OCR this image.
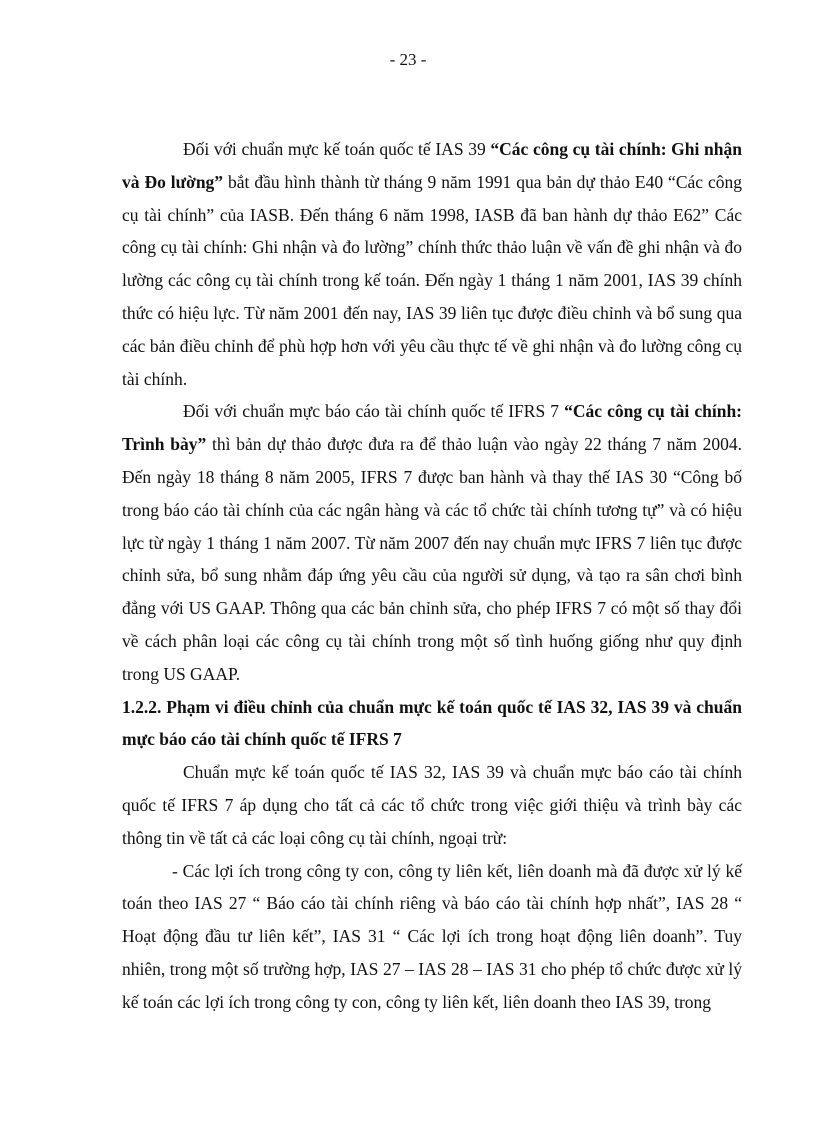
- 23 -

Đối với chuẩn mực kế toán quốc tế IAS 39 “Các công cụ tài chính: Ghi nhận và Đo lường” bắt đầu hình thành từ tháng 9 năm 1991 qua bản dự thảo E40 “Các công cụ tài chính” của IASB. Đến tháng 6 năm 1998, IASB đã ban hành dự thảo E62” Các công cụ tài chính: Ghi nhận và đo lường” chính thức thảo luận về vấn đề ghi nhận và đo lường các công cụ tài chính trong kế toán. Đến ngày 1 tháng 1 năm 2001, IAS 39 chính thức có hiệu lực. Từ năm 2001 đến nay, IAS 39 liên tục được điều chỉnh và bổ sung qua các bản điều chỉnh để phù hợp hơn với yêu cầu thực tế về ghi nhận và đo lường công cụ tài chính.

Đối với chuẩn mực báo cáo tài chính quốc tế IFRS 7 “Các công cụ tài chính: Trình bày” thì bản dự thảo được đưa ra để thảo luận vào ngày 22 tháng 7 năm 2004. Đến ngày 18 tháng 8 năm 2005, IFRS 7 được ban hành và thay thế IAS 30 “Công bố trong báo cáo tài chính của các ngân hàng và các tổ chức tài chính tương tự” và có hiệu lực từ ngày 1 tháng 1 năm 2007. Từ năm 2007 đến nay chuẩn mực IFRS 7 liên tục được chỉnh sửa, bổ sung nhằm đáp ứng yêu cầu của người sử dụng, và tạo ra sân chơi bình đẳng với US GAAP. Thông qua các bản chỉnh sửa, cho phép IFRS 7 có một số thay đổi về cách phân loại các công cụ tài chính trong một số tình huống giống như quy định trong US GAAP.

1.2.2. Phạm vi điều chỉnh của chuẩn mực kế toán quốc tế IAS 32, IAS 39 và chuẩn mực báo cáo tài chính quốc tế IFRS 7

Chuẩn mực kế toán quốc tế IAS 32, IAS 39 và chuẩn mực báo cáo tài chính quốc tế IFRS 7 áp dụng cho tất cả các tổ chức trong việc giới thiệu và trình bày các thông tin về tất cả các loại công cụ tài chính, ngoại trừ:

- Các lợi ích trong công ty con, công ty liên kết, liên doanh mà đã được xử lý kế toán theo IAS 27 “ Báo cáo tài chính riêng và báo cáo tài chính hợp nhất”, IAS 28 “ Hoạt động đầu tư liên kết”, IAS 31 “ Các lợi ích trong hoạt động liên doanh”. Tuy nhiên, trong một số trường hợp, IAS 27 – IAS 28 – IAS 31 cho phép tổ chức được xử lý kế toán các lợi ích trong công ty con, công ty liên kết, liên doanh theo IAS 39, trong
